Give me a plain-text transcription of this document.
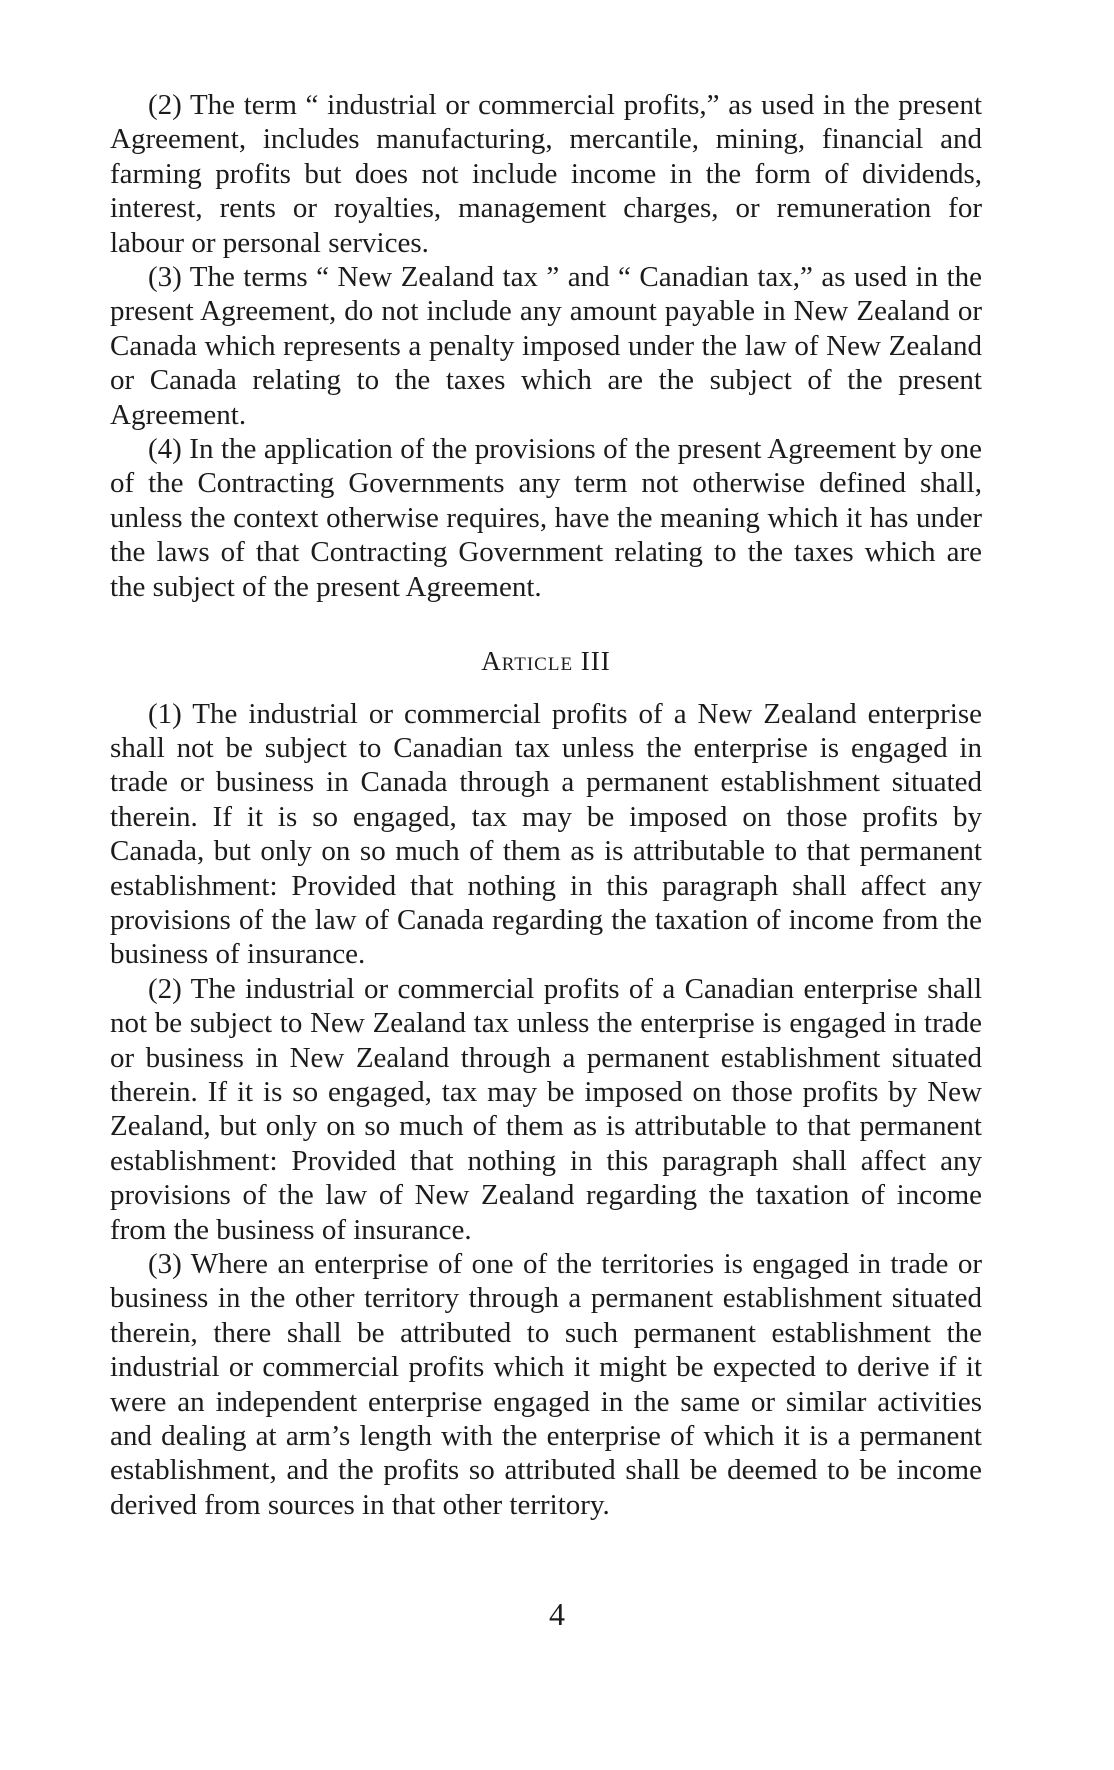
(2) The term “ industrial or commercial profits,” as used in the present Agreement, includes manufacturing, mercantile, mining, financial and farming profits but does not include income in the form of dividends, interest, rents or royalties, management charges, or remuneration for labour or personal services.

(3) The terms “ New Zealand tax ” and “ Canadian tax,” as used in the present Agreement, do not include any amount payable in New Zealand or Canada which represents a penalty imposed under the law of New Zealand or Canada relating to the taxes which are the subject of the present Agreement.

(4) In the application of the provisions of the present Agreement by one of the Contracting Governments any term not otherwise defined shall, unless the context otherwise requires, have the meaning which it has under the laws of that Contracting Government relating to the taxes which are the subject of the present Agreement.

Article III

(1) The industrial or commercial profits of a New Zealand enterprise shall not be subject to Canadian tax unless the enterprise is engaged in trade or business in Canada through a permanent establishment situated therein. If it is so engaged, tax may be imposed on those profits by Canada, but only on so much of them as is attributable to that permanent establishment: Provided that nothing in this paragraph shall affect any provisions of the law of Canada regarding the taxation of income from the business of insurance.

(2) The industrial or commercial profits of a Canadian enterprise shall not be subject to New Zealand tax unless the enterprise is engaged in trade or business in New Zealand through a permanent establishment situated therein. If it is so engaged, tax may be imposed on those profits by New Zealand, but only on so much of them as is attributable to that permanent establishment: Provided that nothing in this paragraph shall affect any provisions of the law of New Zealand regarding the taxation of income from the business of insurance.

(3) Where an enterprise of one of the territories is engaged in trade or business in the other territory through a permanent establishment situated therein, there shall be attributed to such permanent establishment the industrial or commercial profits which it might be expected to derive if it were an independent enterprise engaged in the same or similar activities and dealing at arm’s length with the enterprise of which it is a permanent establishment, and the profits so attributed shall be deemed to be income derived from sources in that other territory.

4
